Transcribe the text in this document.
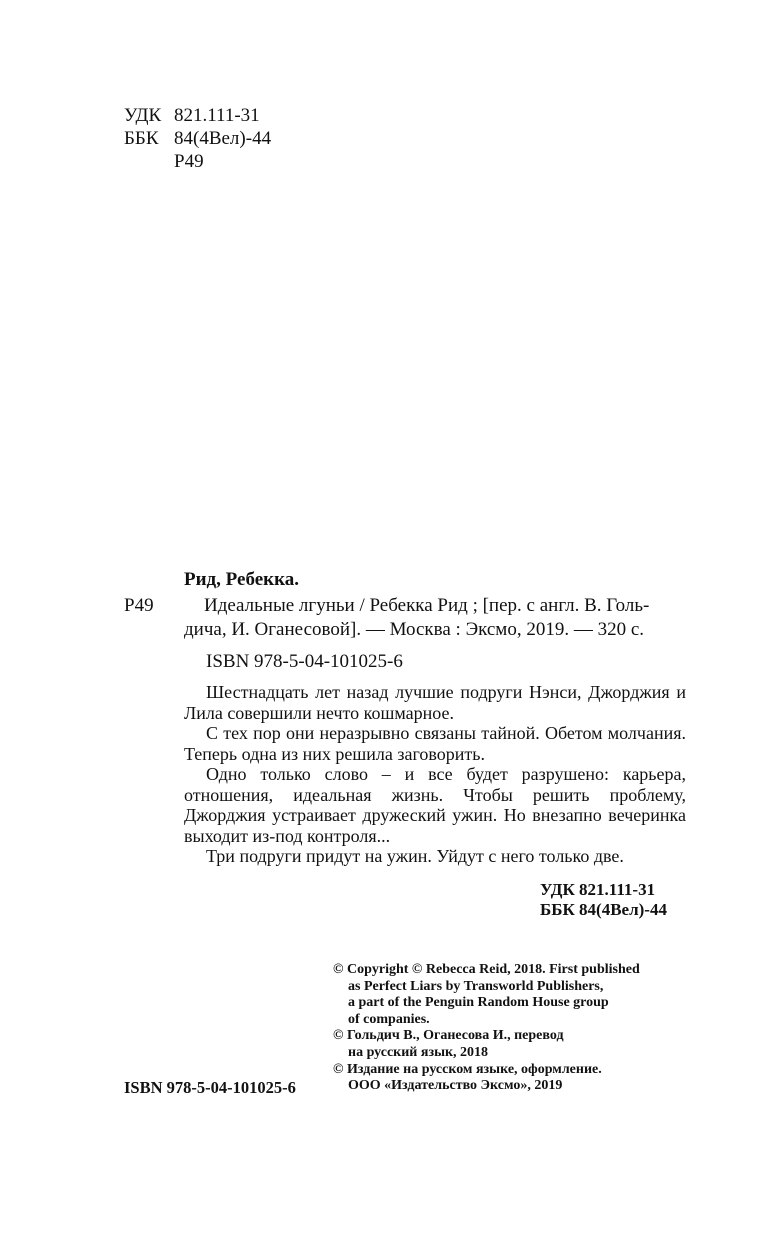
УДК 821.111-31
ББК 84(4Вел)-44
Р49
Рид, Ребекка.
Р49	Идеальные лгуньи / Ребекка Рид ; [пер. с англ. В. Голь-

дича, И. Оганесовой]. — Москва : Эксмо, 2019. — 320 с.

ISBN 978-5-04-101025-6

Шестнадцать лет назад лучшие подруги Нэнси, Джорджия и Лила совершили нечто кошмарное.

С тех пор они неразрывно связаны тайной. Обетом молчания. Теперь одна из них решила заговорить.

Одно только слово – и все будет разрушено: карьера, отношения, идеальная жизнь. Чтобы решить проблему, Джорджия устраивает дружеский ужин. Но внезапно вечеринка выходит из-под контроля...

Три подруги придут на ужин. Уйдут с него только две.

УДК 821.111-31
ББК 84(4Вел)-44
© Copyright © Rebecca Reid, 2018. First published
as Perfect Liars by Transworld Publishers,
a part of the Penguin Random House group
of companies.
© Гольдич В., Оганесова И., перевод
на русский язык, 2018
© Издание на русском языке, оформление.
ООО «Издательство Эксмо», 2019
ISBN 978-5-04-101025-6
